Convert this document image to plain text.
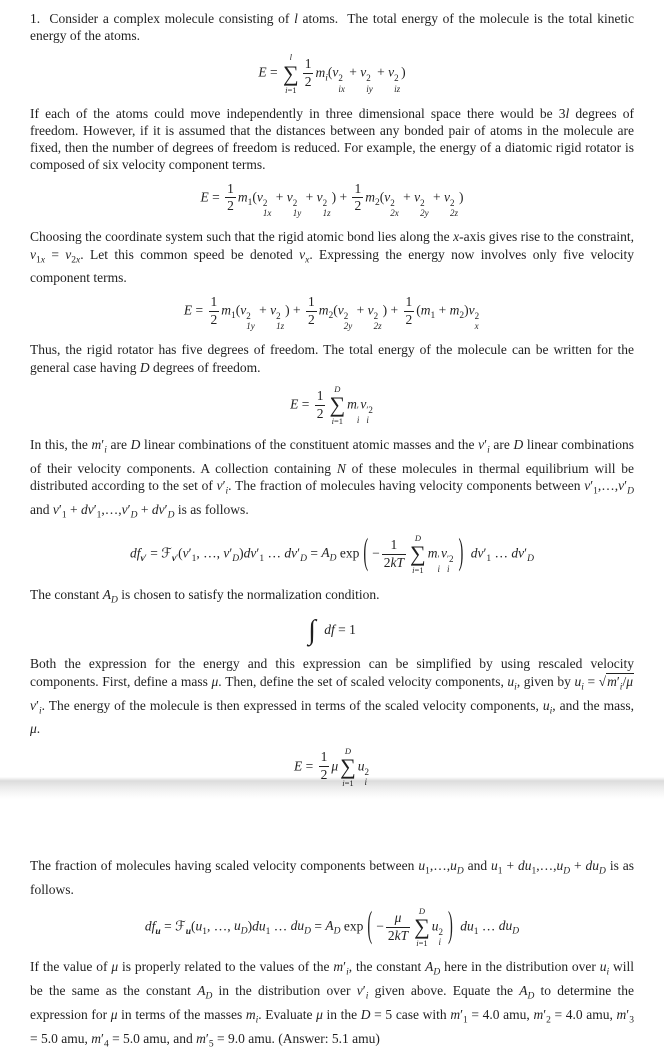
1.  Consider a complex molecule consisting of l atoms.  The total energy of the molecule is the total kinetic energy of the atoms.

E =
l
∑
$i=1 \frac{1}{2} m_i(v$ 2
ix
+ v 2
iy
+ v 2
iz
)

If each of the atoms could move independently in three dimensional space there would be 3l degrees of freedom. However, if it is assumed that the distances between any bonded pair of atoms in the molecule are fixed, then the number of degrees of freedom is reduced. For example, the energy of a diatomic rigid rotator is composed of six velocity component terms.

$E = \frac{1}{2} m_1(v$ 2
1x
+ v 2
1y
+ v 2
1z
) + $\frac{1}{2} m_2(v$ 2
2x
+ v 2
2y
+ v 2
2z
)

Choosing the coordinate system such that the rigid atomic bond lies along the x-axis gives rise to the constraint, $v_{1x} = v_{2x}$. Let this common speed be denoted $v_x$. Expressing the energy now involves only five velocity component terms.

$E = \frac{1}{2} m_1(v$ 2
1y
+ v 2
1z
) + $\frac{1}{2} m_2(v$ 2
2y
+ v 2
2z
) + $\frac{1}{2} (m_1 + m_2)v$ 2
x

Thus, the rigid rotator has five degrees of freedom. The total energy of the molecule can be written for the general case having D degrees of freedom.

$E = \frac{1}{2}$ D
∑
i=1
m ′
i
v ′2
i

In this, the $m'_i$ are D linear combinations of the constituent atomic masses and the $v'_i$ are D linear combinations of their velocity components. A collection containing N of these molecules in thermal equilibrium will be distributed according to the set of $v'_i$. The fraction of molecules having velocity components between $v'_1,\dots,v'_D$ and $v'_1$ + $dv'_1,\dots,v'_D + dv'_D$ is as follows.

$df_{v'}$ = $ℱ_{v'}(v'_1$, …, $v'_D)dv'_1$ … $dv'_D = A_D$ exp ( − $\frac{1}{2kT}$ D
∑
i=1
m ′
i
v ′2
i ) $dv'_1$ … $dv'_D$

The constant $A_D$ is chosen to satisfy the normalization condition.

∫ df = 1

Both the expression for the energy and this expression can be simplified by using rescaled velocity components. First, define a mass μ. Then, define the set of scaled velocity components, $u_i$, given by $u_i = √m'_i/\mu$ $v'_i$. The energy of the molecule is then expressed in terms of the scaled velocity components, $u_i$, and the mass, μ.

$E = \frac{1}{2}$ μ
D
∑
i=1
u 2
i

The fraction of molecules having scaled velocity components between $u_1,\dots,u_D$ and $u_1$ + $du_1,\dots,u_D + du_D$ is as follows.

$df_u$ = $ℱ_u(u_1$, …, $u_D)du_1$ … $du_D = A_D$ exp ( − $\frac{\mu}{2kT}$ D
∑
i=1
u 2
i ) $du_1$ … $du_D$

If the value of μ is properly related to the values of the $m'_i$, the constant $A_D$ here in the distribution over $u_i$ will be the same as the constant $A_D$ in the distribution over $v'_i$ given above. Equate the $A_D$ to determine the expression for μ in terms of the masses $m_i$. Evaluate μ in the D = 5 case with $m'_1 = 4.0$ amu, $m'_2 = 4.0$ amu, $m'_3 = 5.0$ amu, $m'_4 = 5.0$ amu, and $m'_5 = 9.0$ amu. (Answer: 5.1 amu)
